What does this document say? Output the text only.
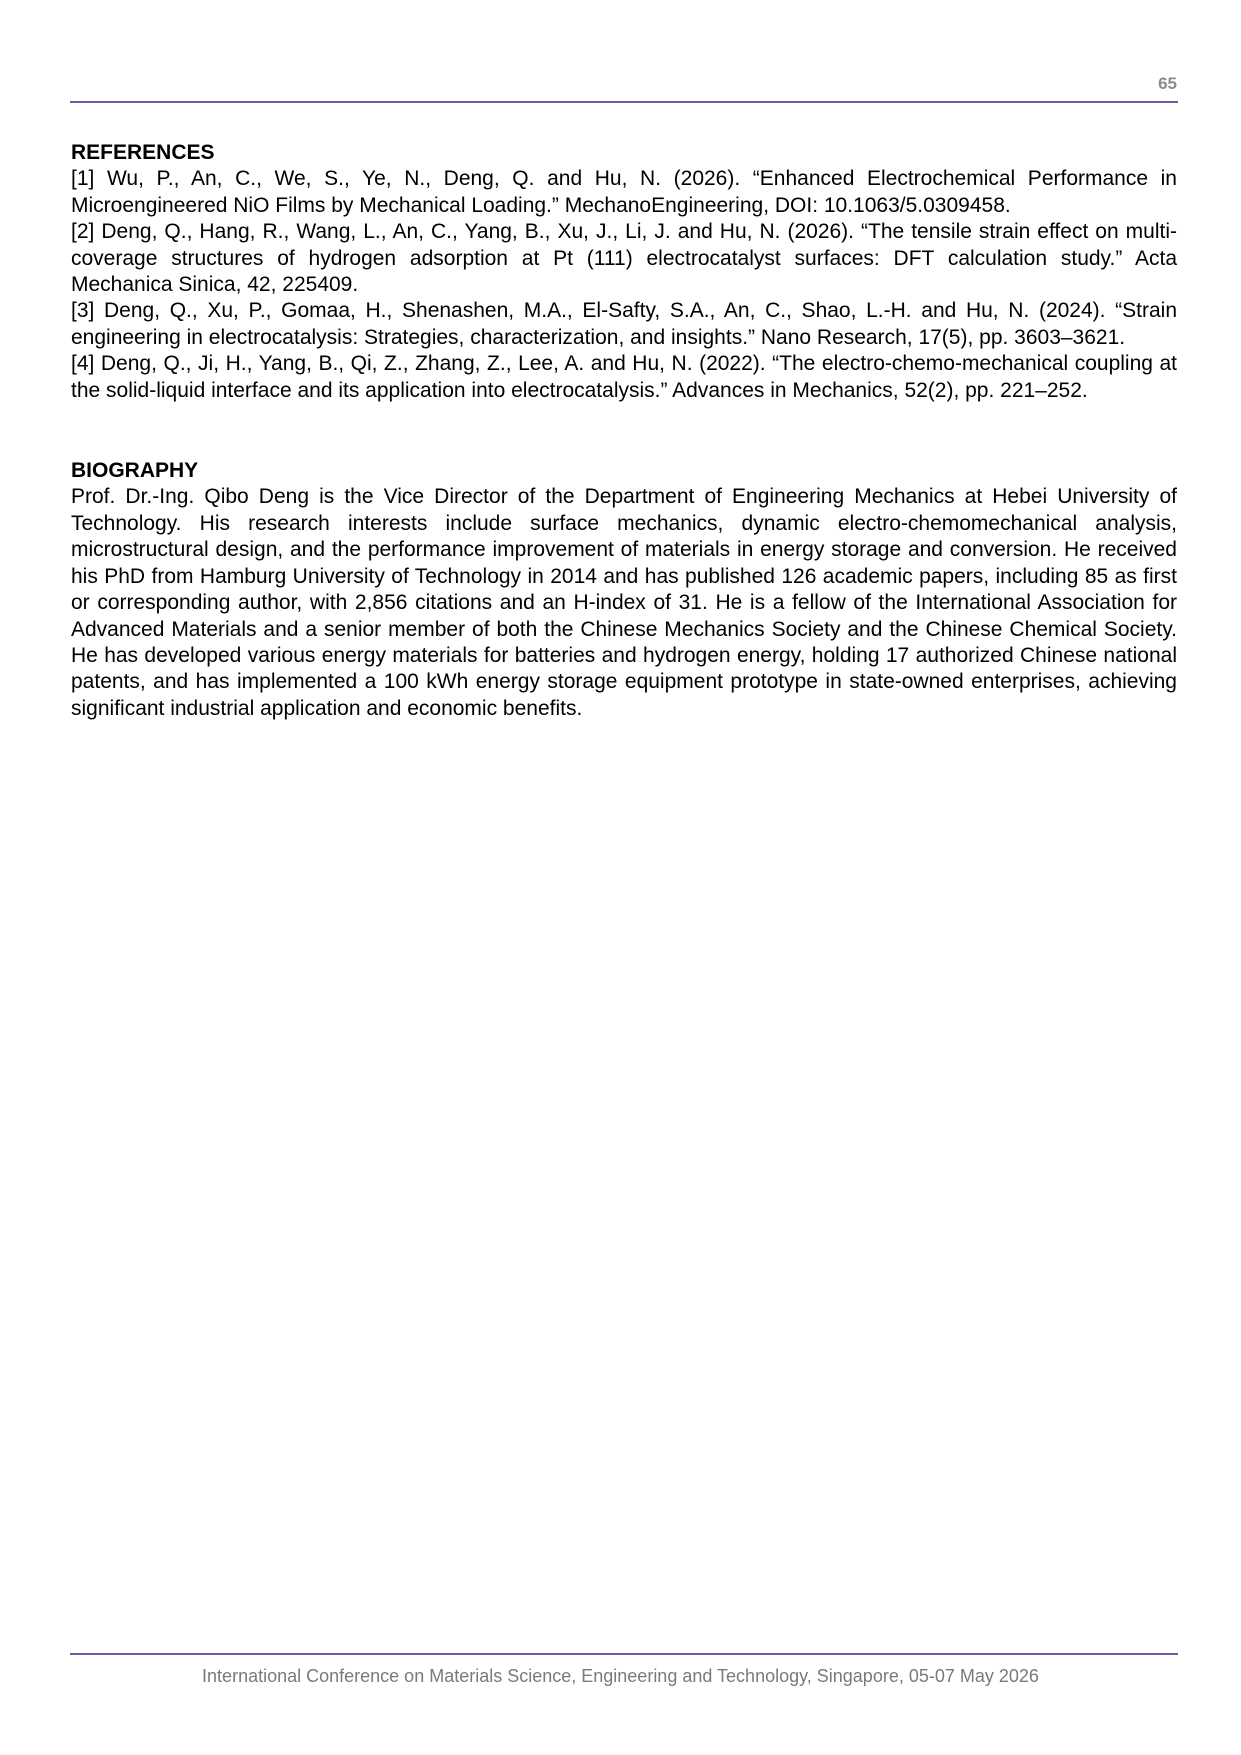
65
REFERENCES

[1] Wu, P., An, C., We, S., Ye, N., Deng, Q. and Hu, N. (2026). “Enhanced Electrochemical Performance in Microengineered NiO Films by Mechanical Loading.” MechanoEngineering, DOI: 10.1063/5.0309458.

[2] Deng, Q., Hang, R., Wang, L., An, C., Yang, B., Xu, J., Li, J. and Hu, N. (2026). “The tensile strain effect on multi-coverage structures of hydrogen adsorption at Pt (111) electrocatalyst surfaces: DFT calculation study.” Acta Mechanica Sinica, 42, 225409.

[3] Deng, Q., Xu, P., Gomaa, H., Shenashen, M.A., El-Safty, S.A., An, C., Shao, L.-H. and Hu, N. (2024). “Strain engineering in electrocatalysis: Strategies, characterization, and insights.” Nano Research, 17(5), pp. 3603–3621.

[4] Deng, Q., Ji, H., Yang, B., Qi, Z., Zhang, Z., Lee, A. and Hu, N. (2022). “The electro-chemo-mechanical coupling at the solid-liquid interface and its application into electrocatalysis.” Advances in Mechanics, 52(2), pp. 221–252.

BIOGRAPHY

Prof. Dr.-Ing. Qibo Deng is the Vice Director of the Department of Engineering Mechanics at Hebei University of Technology. His research interests include surface mechanics, dynamic electro-chemomechanical analysis, microstructural design, and the performance improvement of materials in energy storage and conversion. He received his PhD from Hamburg University of Technology in 2014 and has published 126 academic papers, including 85 as first or corresponding author, with 2,856 citations and an H-index of 31. He is a fellow of the International Association for Advanced Materials and a senior member of both the Chinese Mechanics Society and the Chinese Chemical Society. He has developed various energy materials for batteries and hydrogen energy, holding 17 authorized Chinese national patents, and has implemented a 100 kWh energy storage equipment prototype in state-owned enterprises, achieving significant industrial application and economic benefits.

International Conference on Materials Science, Engineering and Technology, Singapore, 05-07 May 2026
